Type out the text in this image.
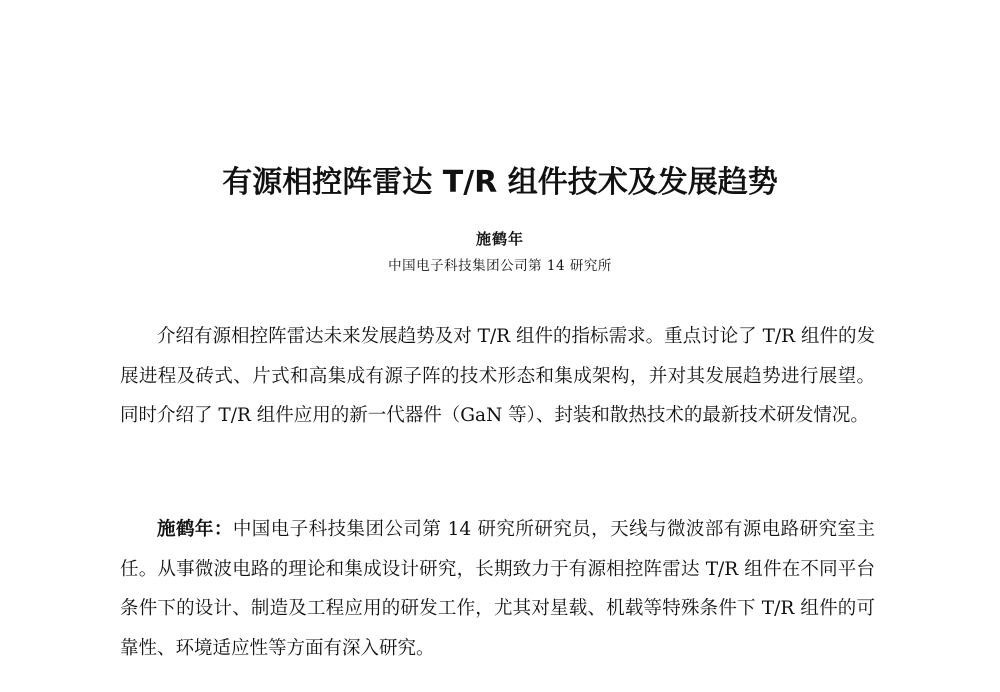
有源相控阵雷达 T/R 组件技术及发展趋势
施鹤年
中国电子科技集团公司第 14 研究所

介绍有源相控阵雷达未来发展趋势及对 T/R 组件的指标需求。重点讨论了 T/R 组件的发展进程及砖式、片式和高集成有源子阵的技术形态和集成架构，并对其发展趋势进行展望。同时介绍了 T/R 组件应用的新一代器件（GaN 等）、封装和散热技术的最新技术研发情况。

施鹤年：中国电子科技集团公司第 14 研究所研究员，天线与微波部有源电路研究室主任。从事微波电路的理论和集成设计研究，长期致力于有源相控阵雷达 T/R 组件在不同平台条件下的设计、制造及工程应用的研发工作，尤其对星载、机载等特殊条件下 T/R 组件的可靠性、环境适应性等方面有深入研究。
